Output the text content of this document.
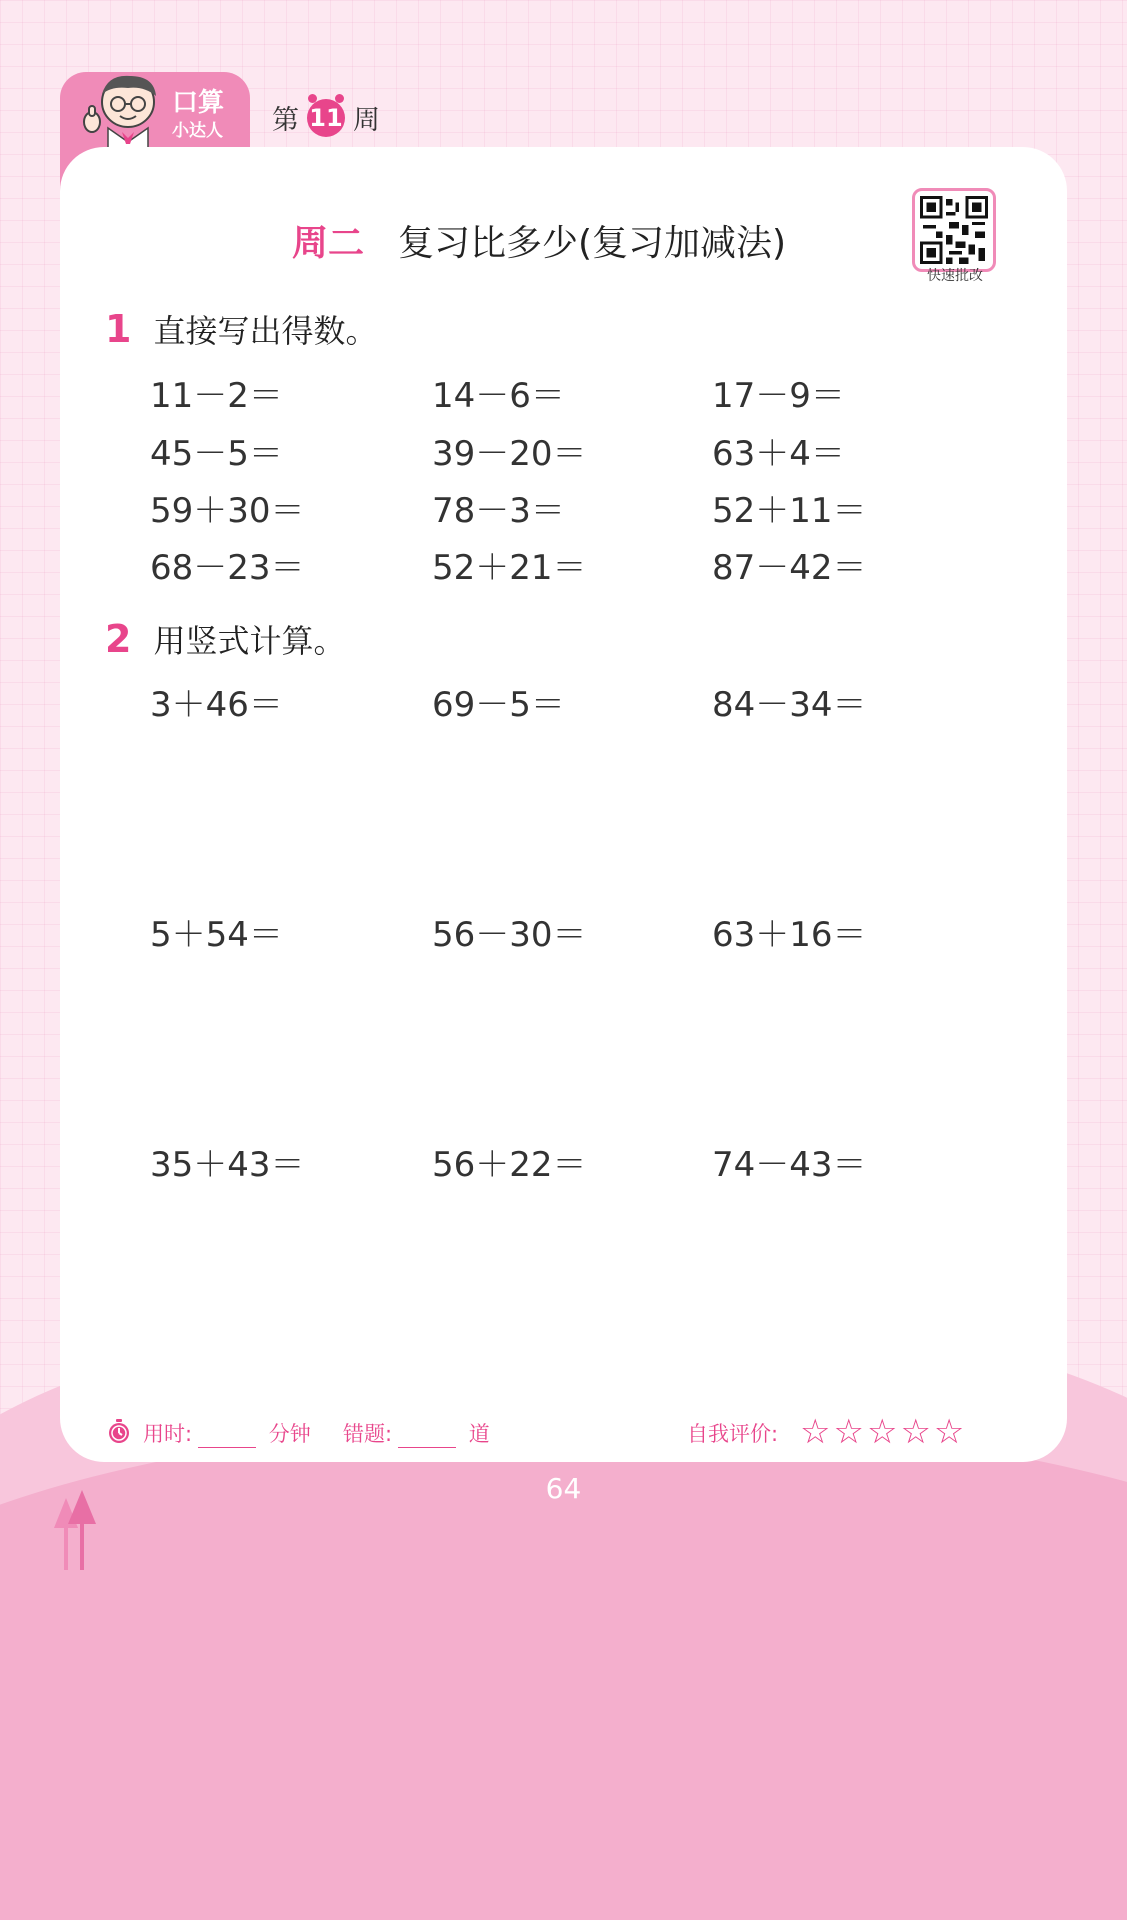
口算
小达人 第 11 周
周二 复习比多少(复习加减法)
快速批改
1 直接写出得数。
11－2＝	14－6＝	17－9＝
45－5＝	39－20＝	63＋4＝
59＋30＝	78－3＝	52＋11＝
68－23＝	52＋21＝	87－42＝
2 用竖式计算。
3＋46＝	69－5＝	84－34＝
5＋54＝	56－30＝	63＋16＝
35＋43＝	56＋22＝	74－43＝
用时:	分钟 错题:	道	自我评价: ☆☆☆☆☆
64
